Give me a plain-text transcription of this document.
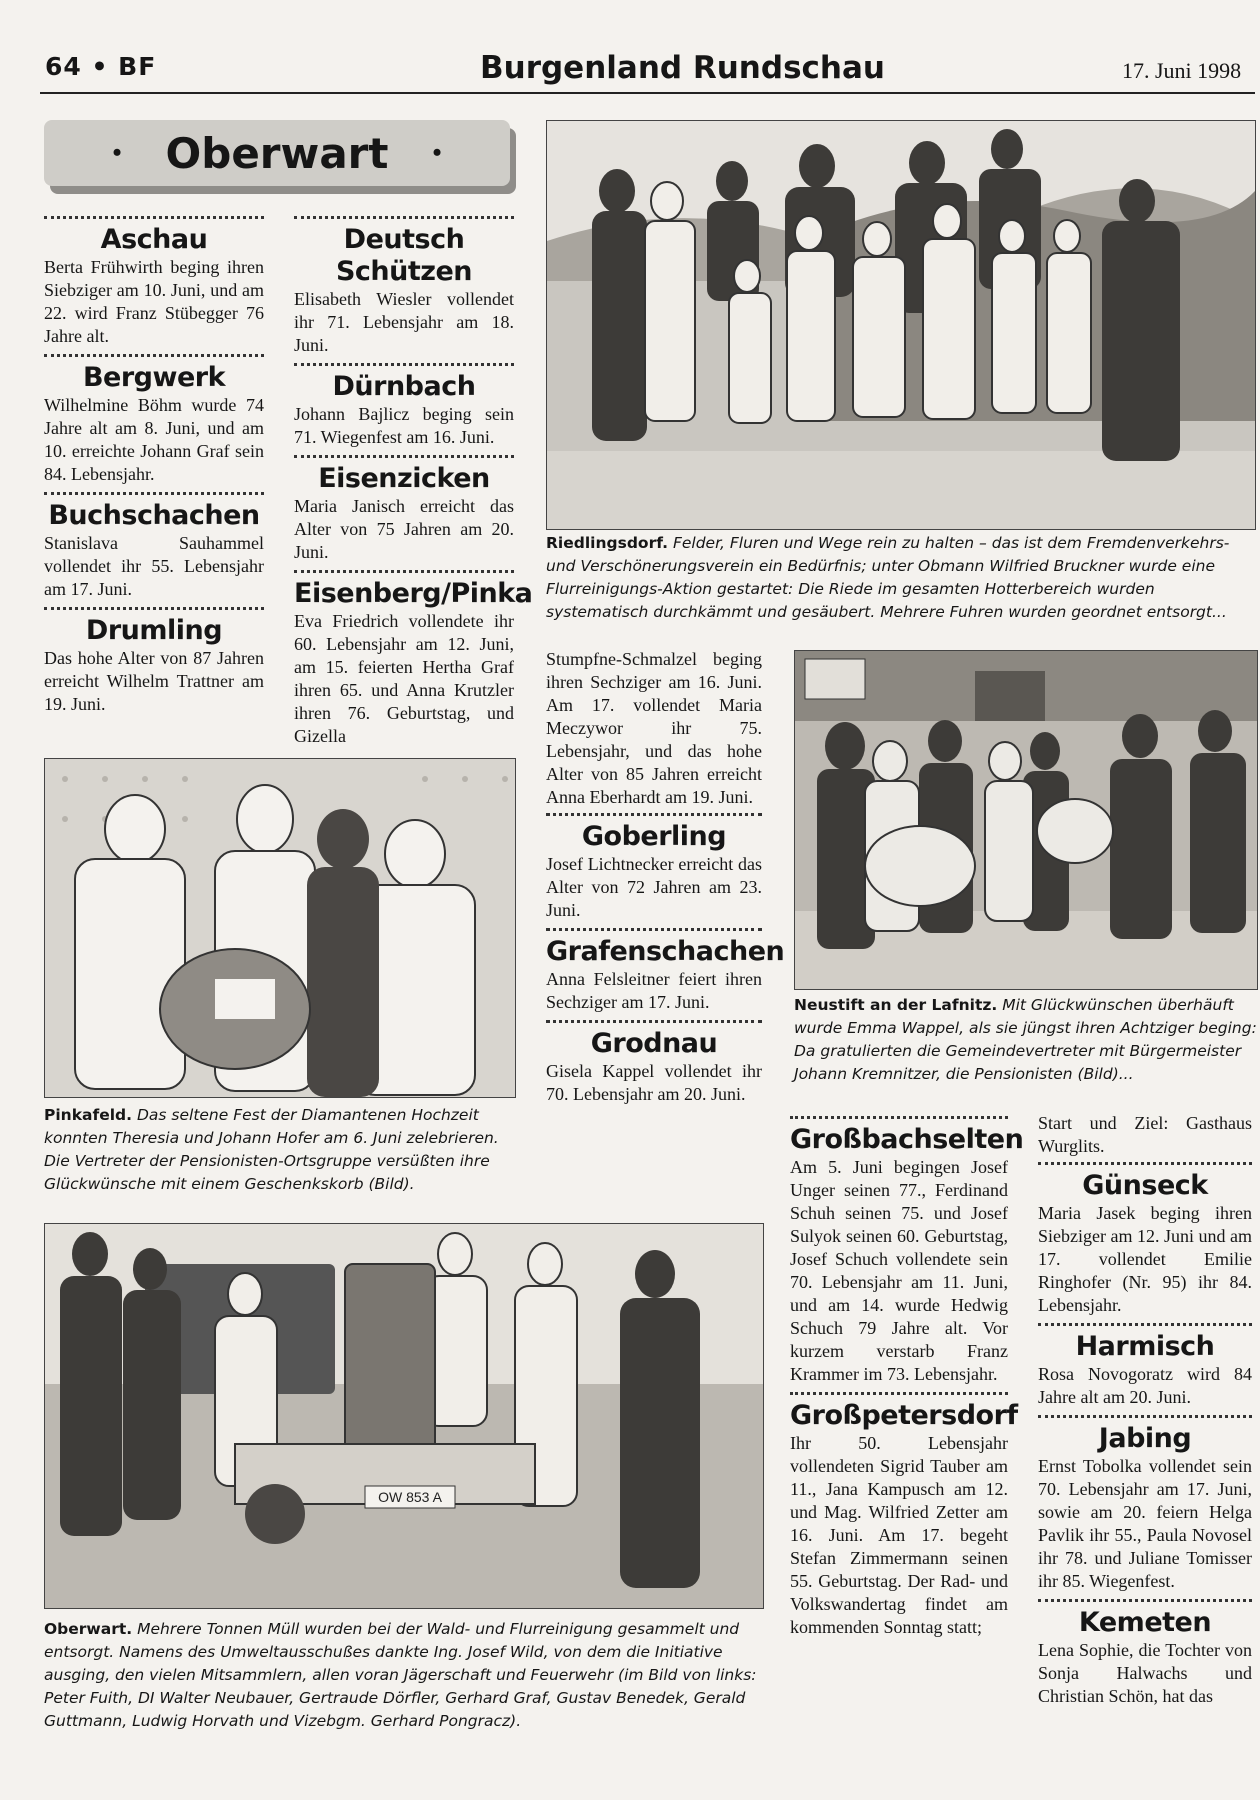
64 • BF	Burgenland Rundschau	17. Juni 1998
• Oberwart •
Aschau
Berta Frühwirth beging ihren Siebziger am 10. Juni, und am 22. wird Franz Stübegger 76 Jahre alt.
Bergwerk
Wilhelmine Böhm wurde 74 Jahre alt am 8. Juni, und am 10. erreichte Johann Graf sein 84. Lebensjahr.
Buchschachen
Stanislava Sauhammel vollendet ihr 55. Lebensjahr am 17. Juni.
Drumling
Das hohe Alter von 87 Jahren erreicht Wilhelm Trattner am 19. Juni.
Deutsch Schützen
Elisabeth Wiesler vollendet ihr 71. Lebensjahr am 18. Juni.
Dürnbach
Johann Bajlicz beging sein 71. Wiegenfest am 16. Juni.
Eisenzicken
Maria Janisch erreicht das Alter von 75 Jahren am 20. Juni.
Eisenberg/Pinka
Eva Friedrich vollendete ihr 60. Lebensjahr am 12. Juni, am 15. feierten Hertha Graf ihren 65. und Anna Krutzler ihren 76. Geburtstag, und Gizella
Riedlingsdorf. Felder, Fluren und Wege rein zu halten – das ist dem Fremdenverkehrs- und Verschönerungsverein ein Bedürfnis; unter Obmann Wilfried Bruckner wurde eine Flurreinigungs-Aktion gestartet: Die Riede im gesamten Hotterbereich wurden systematisch durchkämmt und gesäubert. Mehrere Fuhren wurden geordnet entsorgt...
Stumpfne-Schmalzel beging ihren Sechziger am 16. Juni. Am 17. vollendet Maria Meczywor ihr 75. Lebensjahr, und das hohe Alter von 85 Jahren erreicht Anna Eberhardt am 19. Juni.
Goberling
Josef Lichtnecker erreicht das Alter von 72 Jahren am 23. Juni.
Grafenschachen
Anna Felsleitner feiert ihren Sechziger am 17. Juni.
Grodnau
Gisela Kappel vollendet ihr 70. Lebensjahr am 20. Juni.
Neustift an der Lafnitz. Mit Glückwünschen überhäuft wurde Emma Wappel, als sie jüngst ihren Achtziger beging: Da gratulierten die Gemeindevertreter mit Bürgermeister Johann Kremnitzer, die Pensionisten (Bild)...
Pinkafeld. Das seltene Fest der Diamantenen Hochzeit konnten Theresia und Johann Hofer am 6. Juni zelebrieren. Die Vertreter der Pensionisten-Ortsgruppe versüßten ihre Glückwünsche mit einem Geschenkskorb (Bild).
OW 853 A
Oberwart. Mehrere Tonnen Müll wurden bei der Wald- und Flurreinigung gesammelt und entsorgt. Namens des Umweltausschußes dankte Ing. Josef Wild, von dem die Initiative ausging, den vielen Mitsammlern, allen voran Jägerschaft und Feuerwehr (im Bild von links: Peter Fuith, DI Walter Neubauer, Gertraude Dörfler, Gerhard Graf, Gustav Benedek, Gerald Guttmann, Ludwig Horvath und Vizebgm. Gerhard Pongracz).
Großbachselten
Am 5. Juni begingen Josef Unger seinen 77., Ferdinand Schuh seinen 75. und Josef Sulyok seinen 60. Geburtstag, Josef Schuch vollendete sein 70. Lebensjahr am 11. Juni, und am 14. wurde Hedwig Schuch 79 Jahre alt. Vor kurzem verstarb Franz Krammer im 73. Lebensjahr.
Großpetersdorf
Ihr 50. Lebensjahr vollendeten Sigrid Tauber am 11., Jana Kampusch am 12. und Mag. Wilfried Zetter am 16. Juni. Am 17. begeht Stefan Zimmermann seinen 55. Geburtstag. Der Rad- und Volkswandertag findet am kommenden Sonntag statt;
Start und Ziel: Gasthaus Wurglits.
Günseck
Maria Jasek beging ihren Siebziger am 12. Juni und am 17. vollendet Emilie Ringhofer (Nr. 95) ihr 84. Lebensjahr.
Harmisch
Rosa Novogoratz wird 84 Jahre alt am 20. Juni.
Jabing
Ernst Tobolka vollendet sein 70. Lebensjahr am 17. Juni, sowie am 20. feiern Helga Pavlik ihr 55., Paula Novosel ihr 78. und Juliane Tomisser ihr 85. Wiegenfest.
Kemeten
Lena Sophie, die Tochter von Sonja Halwachs und Christian Schön, hat das
